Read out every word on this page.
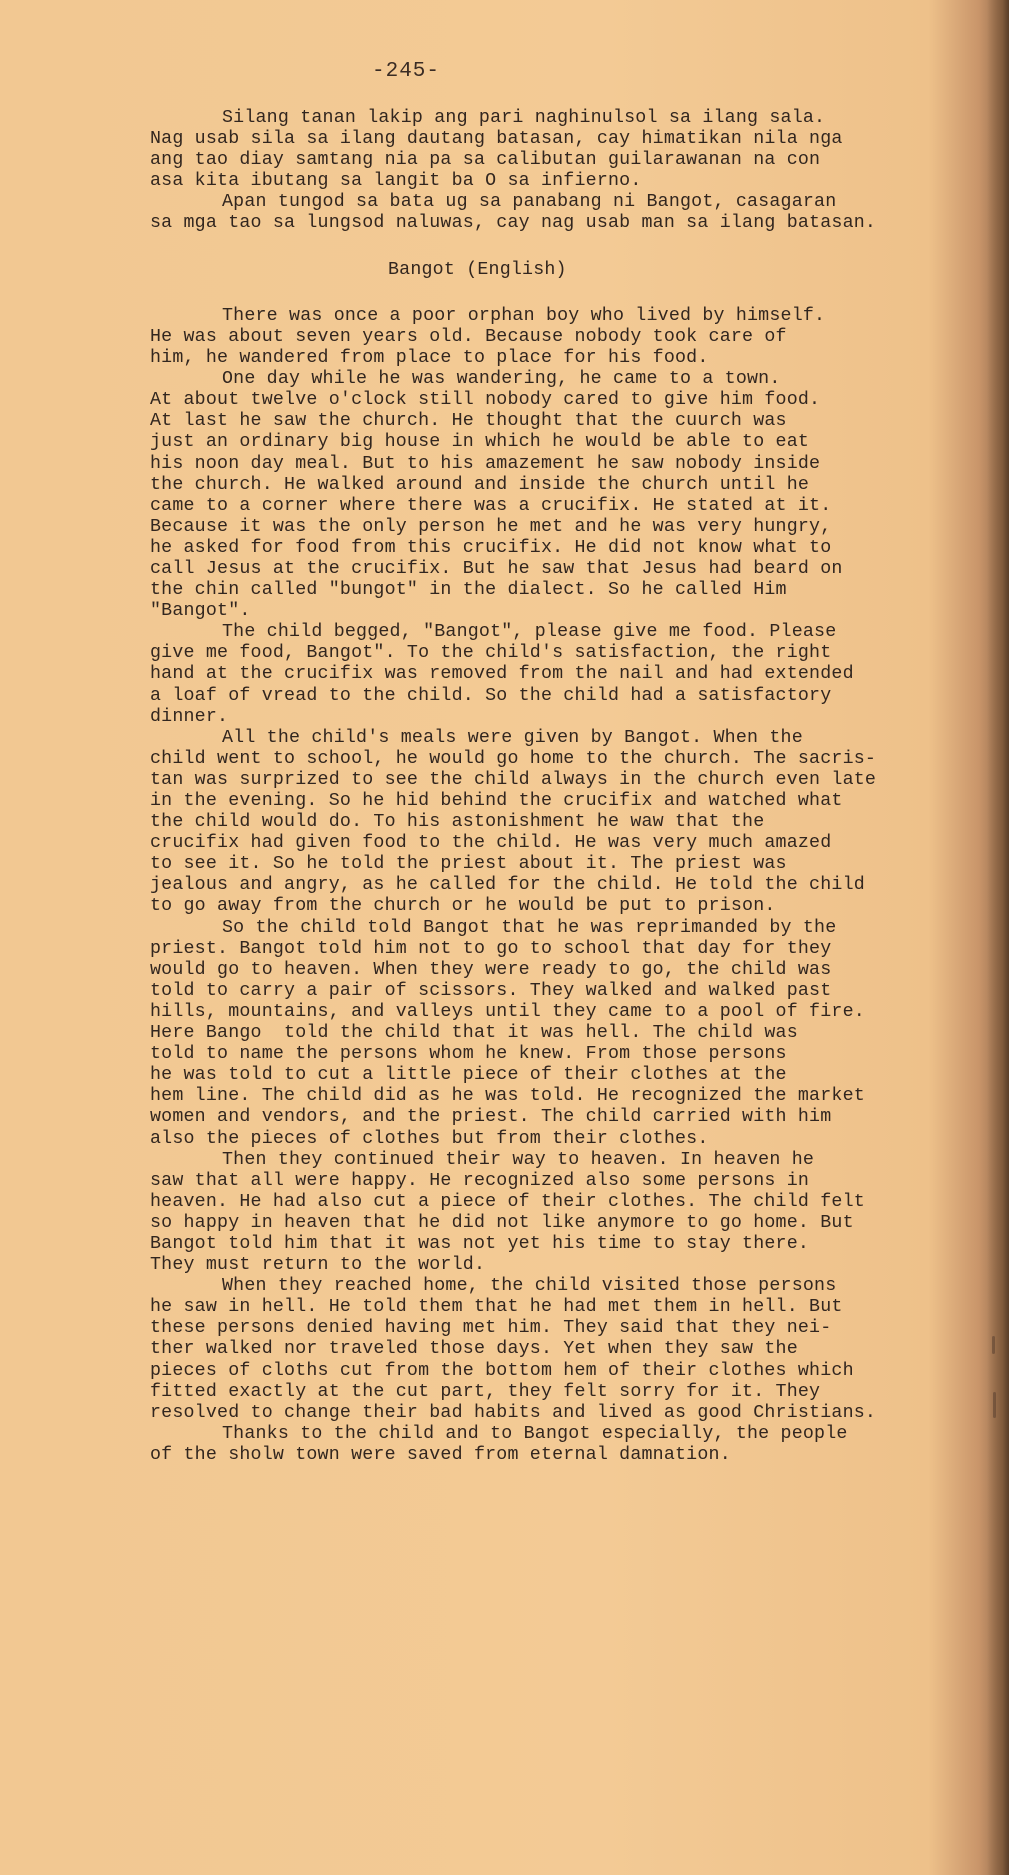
-245-
Silang tanan lakip ang pari naghinulsol sa ilang sala.
Nag usab sila sa ilang dautang batasan, cay himatikan nila nga
ang tao diay samtang nia pa sa calibutan guilarawanan na con
asa kita ibutang sa langit ba O sa infierno.
Apan tungod sa bata ug sa panabang ni Bangot, casagaran
sa mga tao sa lungsod naluwas, cay nag usab man sa ilang batasan.
Bangot (English)
There was once a poor orphan boy who lived by himself.
He was about seven years old. Because nobody took care of
him, he wandered from place to place for his food.
One day while he was wandering, he came to a town.
At about twelve o'clock still nobody cared to give him food.
At last he saw the church. He thought that the cuurch was
just an ordinary big house in which he would be able to eat
his noon day meal. But to his amazement he saw nobody inside
the church. He walked around and inside the church until he
came to a corner where there was a crucifix. He stated at it.
Because it was the only person he met and he was very hungry,
he asked for food from this crucifix. He did not know what to
call Jesus at the crucifix. But he saw that Jesus had beard on
the chin called "bungot" in the dialect. So he called Him
"Bangot".
The child begged, "Bangot", please give me food. Please
give me food, Bangot". To the child's satisfaction, the right
hand at the crucifix was removed from the nail and had extended
a loaf of vread to the child. So the child had a satisfactory
dinner.
All the child's meals were given by Bangot. When the
child went to school, he would go home to the church. The sacris-
tan was surprized to see the child always in the church even late
in the evening. So he hid behind the crucifix and watched what
the child would do. To his astonishment he waw that the
crucifix had given food to the child. He was very much amazed
to see it. So he told the priest about it. The priest was
jealous and angry, as he called for the child. He told the child
to go away from the church or he would be put to prison.
So the child told Bangot that he was reprimanded by the
priest. Bangot told him not to go to school that day for they
would go to heaven. When they were ready to go, the child was
told to carry a pair of scissors. They walked and walked past
hills, mountains, and valleys until they came to a pool of fire.
Here Bango  told the child that it was hell. The child was
told to name the persons whom he knew. From those persons
he was told to cut a little piece of their clothes at the
hem line. The child did as he was told. He recognized the market
women and vendors, and the priest. The child carried with him
also the pieces of clothes but from their clothes.
Then they continued their way to heaven. In heaven he
saw that all were happy. He recognized also some persons in
heaven. He had also cut a piece of their clothes. The child felt
so happy in heaven that he did not like anymore to go home. But
Bangot told him that it was not yet his time to stay there.
They must return to the world.
When they reached home, the child visited those persons
he saw in hell. He told them that he had met them in hell. But
these persons denied having met him. They said that they nei-
ther walked nor traveled those days. Yet when they saw the
pieces of cloths cut from the bottom hem of their clothes which
fitted exactly at the cut part, they felt sorry for it. They
resolved to change their bad habits and lived as good Christians.
Thanks to the child and to Bangot especially, the people
of the sholw town were saved from eternal damnation.
